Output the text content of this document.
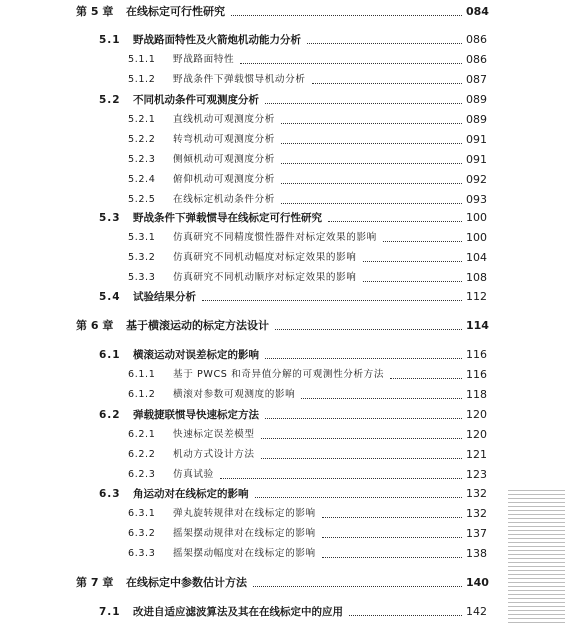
第 5 章 在线标定可行性研究	084
5.1 野战路面特性及火箭炮机动能力分析	086
5.1.1 野战路面特性	086
5.1.2 野战条件下弹载惯导机动分析	087
5.2 不同机动条件可观测度分析	089
5.2.1 直线机动可观测度分析	089
5.2.2 转弯机动可观测度分析	091
5.2.3 侧倾机动可观测度分析	091
5.2.4 俯仰机动可观测度分析	092
5.2.5 在线标定机动条件分析	093
5.3 野战条件下弹载惯导在线标定可行性研究	100
5.3.1 仿真研究不同精度惯性器件对标定效果的影响	100
5.3.2 仿真研究不同机动幅度对标定效果的影响	104
5.3.3 仿真研究不同机动顺序对标定效果的影响	108
5.4 试验结果分析	112
第 6 章 基于横滚运动的标定方法设计	114
6.1 横滚运动对误差标定的影响	116
6.1.1 基于 PWCS 和奇异值分解的可观测性分析方法	116
6.1.2 横滚对参数可观测度的影响	118
6.2 弹载捷联惯导快速标定方法	120
6.2.1 快速标定误差模型	120
6.2.2 机动方式设计方法	121
6.2.3 仿真试验	123
6.3 角运动对在线标定的影响	132
6.3.1 弹丸旋转规律对在线标定的影响	132
6.3.2 摇架摆动规律对在线标定的影响	137
6.3.3 摇架摆动幅度对在线标定的影响	138
第 7 章 在线标定中参数估计方法	140
7.1 改进自适应滤波算法及其在在线标定中的应用	142
